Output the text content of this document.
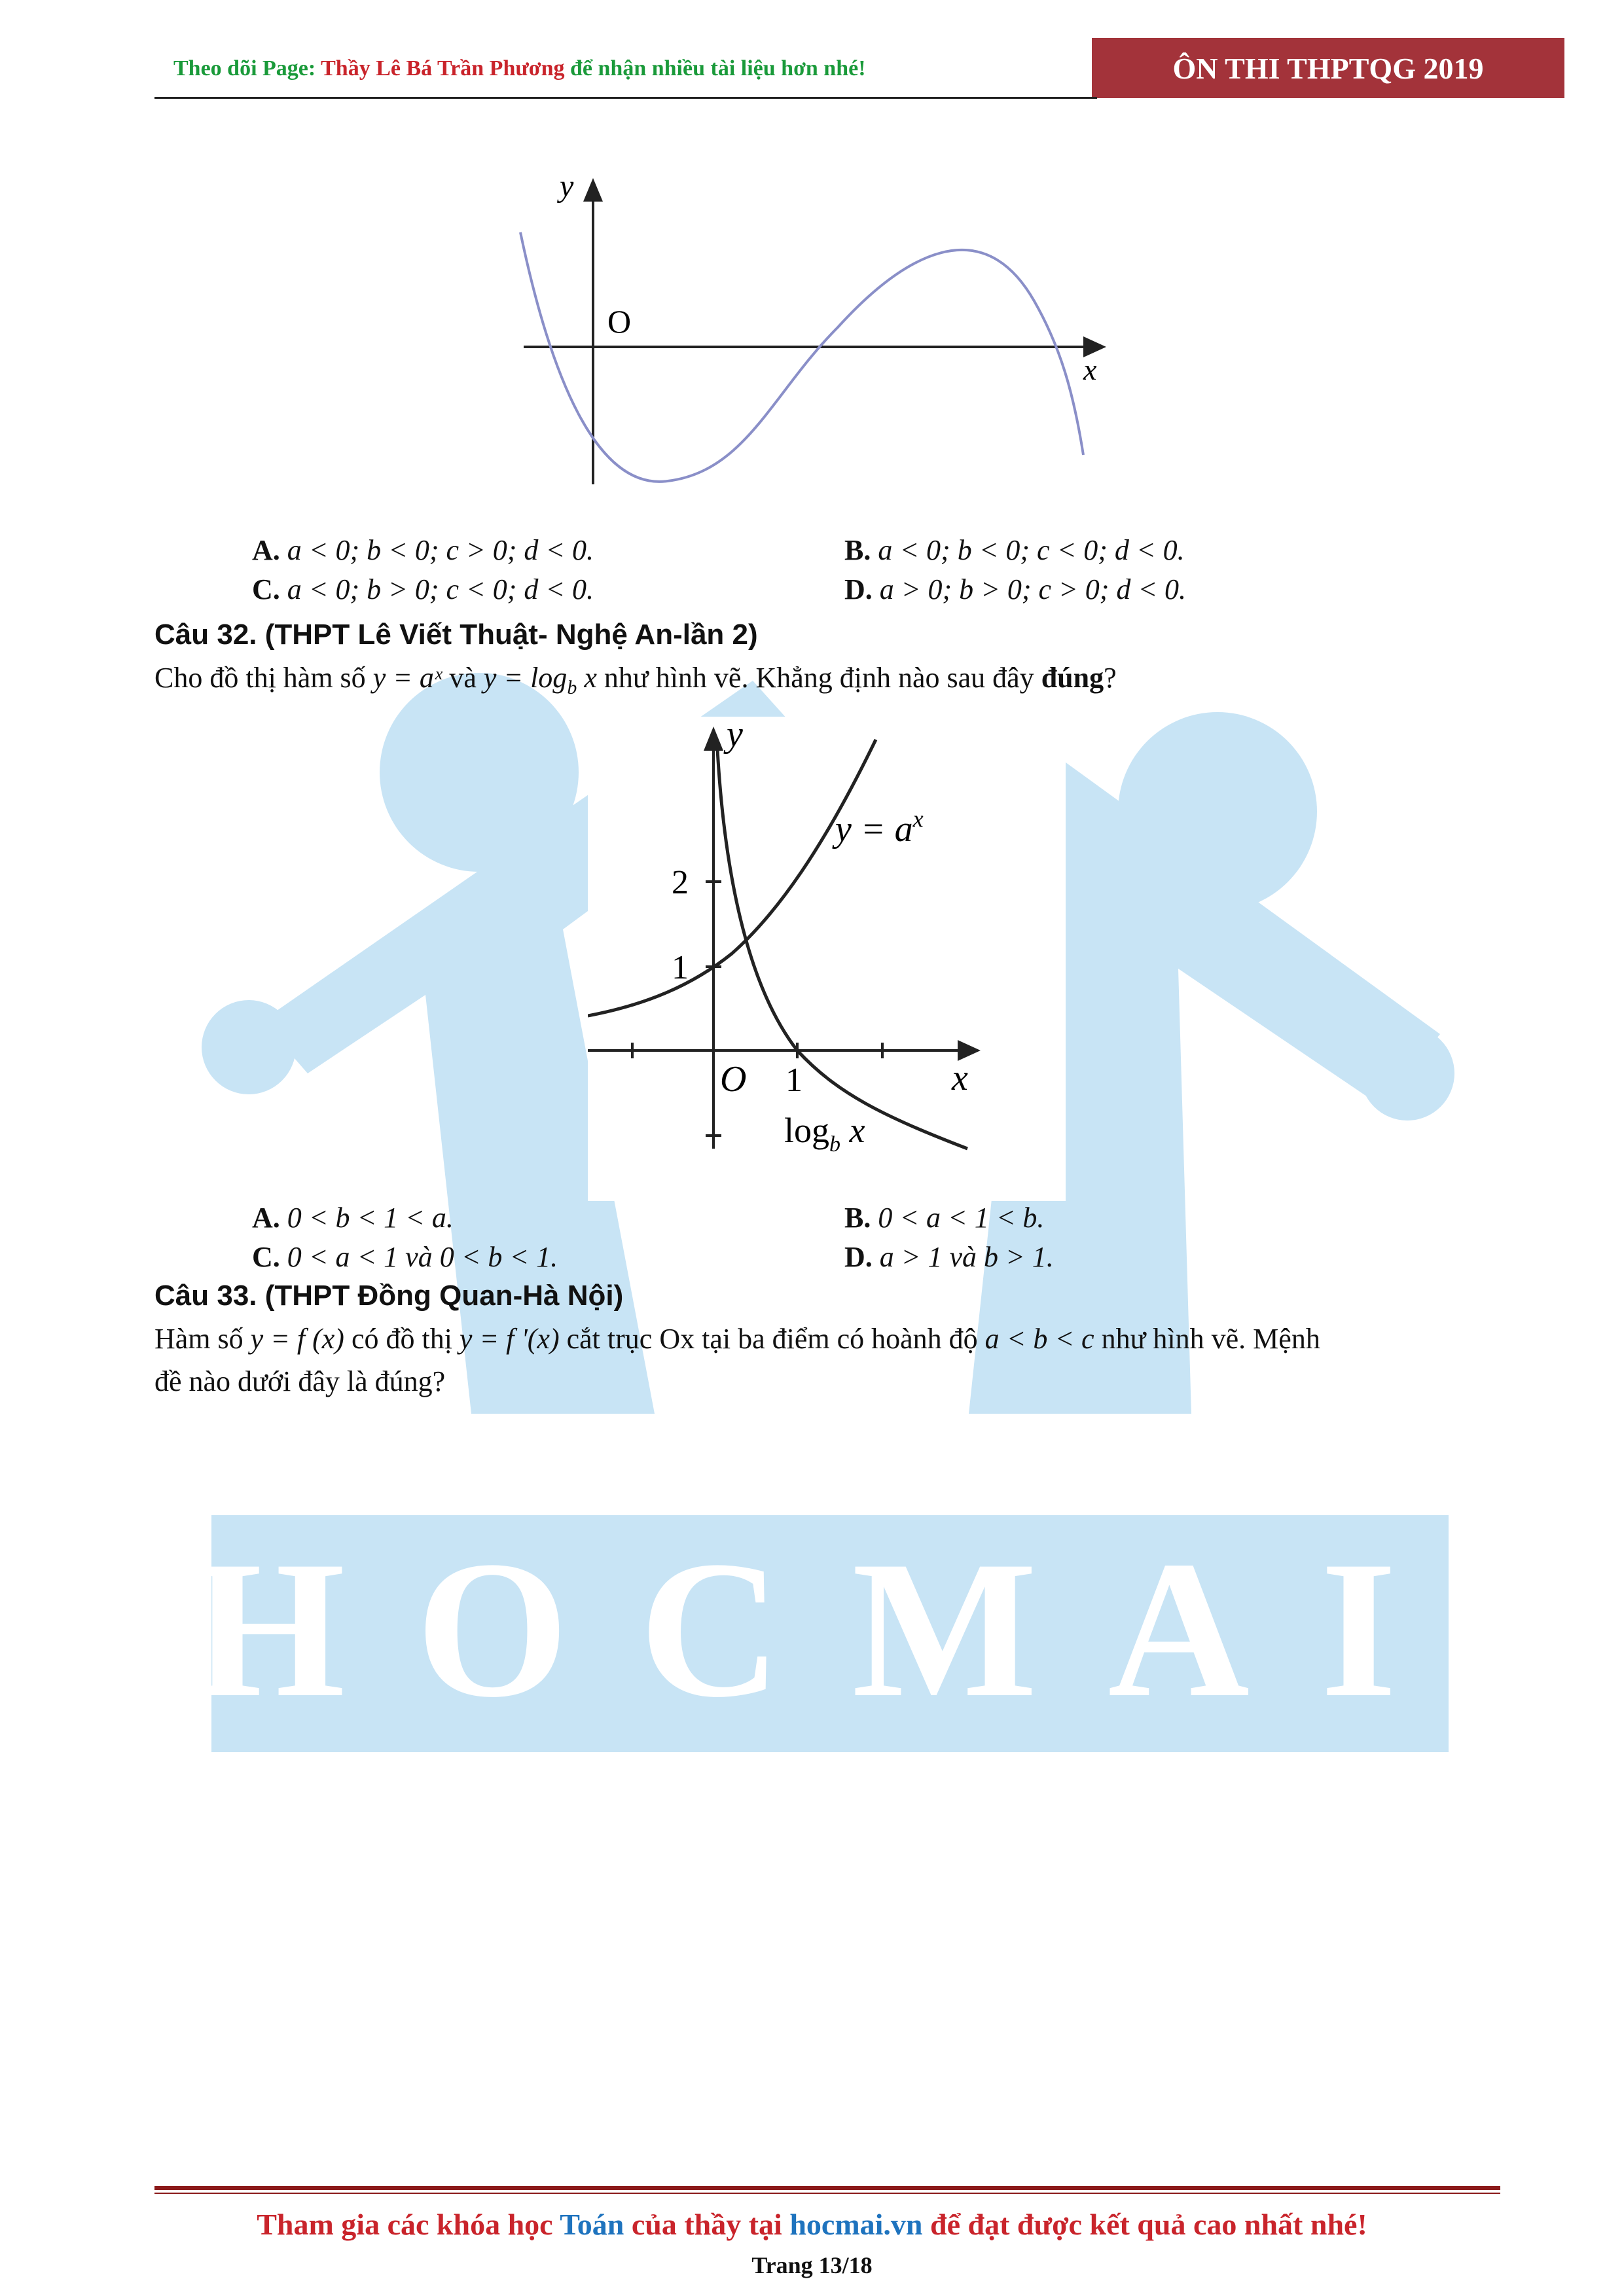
HOCMAI
Theo dõi Page: Thầy Lê Bá Trần Phương để nhận nhiều tài liệu hơn nhé!	ÔN THI THPTQG 2019
y
x
O
A. a < 0; b < 0; c > 0; d < 0.	B. a < 0; b < 0; c < 0; d < 0.
C. a < 0; b > 0; c < 0; d < 0.	D. a > 0; b > 0; c > 0; d < 0.
Câu 32. (THPT Lê Viết Thuật- Nghệ An-lần 2)
Cho đồ thị hàm số y = aˣ và $y = \log_b x$ như hình vẽ. Khẳng định nào sau đây đúng?
y
x
O
2
1
1
$y = a^x$
$\log_b x$
A. 0 < b < 1 < a.	B. 0 < a < 1 < b.
C. 0 < a < 1 và 0 < b < 1.	D. a > 1 và b > 1.
Câu 33. (THPT Đồng Quan-Hà Nội)
Hàm số y = f (x) có đồ thị y = f '(x) cắt trục Ox tại ba điểm có hoành độ a < b < c như hình vẽ. Mệnh
đề nào dưới đây là đúng?
Tham gia các khóa học Toán của thầy tại hocmai.vn để đạt được kết quả cao nhất nhé!
Trang 13/18
